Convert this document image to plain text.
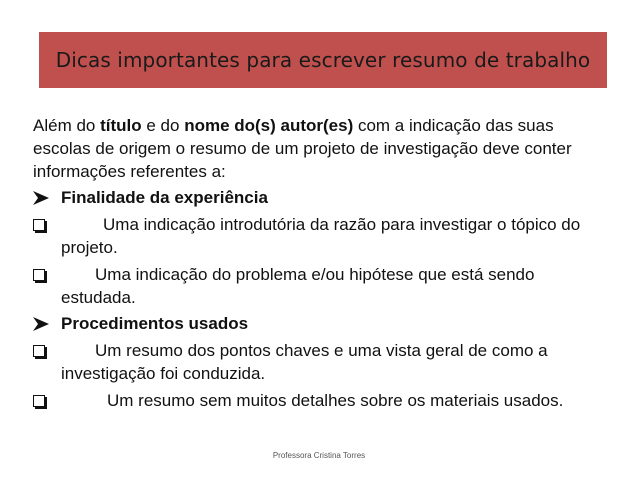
Dicas importantes para escrever resumo de trabalho

Além do título e do nome do(s) autor(es) com a indicação das suas escolas de origem o resumo de um projeto de investigação deve conter informações referentes a:

Finalidade da experiência
Uma indicação introdutória da razão para investigar o tópico do
projeto.
Uma indicação do problema e/ou hipótese que está sendo
estudada.
Procedimentos usados
Um resumo dos pontos chaves e uma vista geral de como a
investigação foi conduzida.
Um resumo sem muitos detalhes sobre os materiais usados.
Professora Cristina Torres
